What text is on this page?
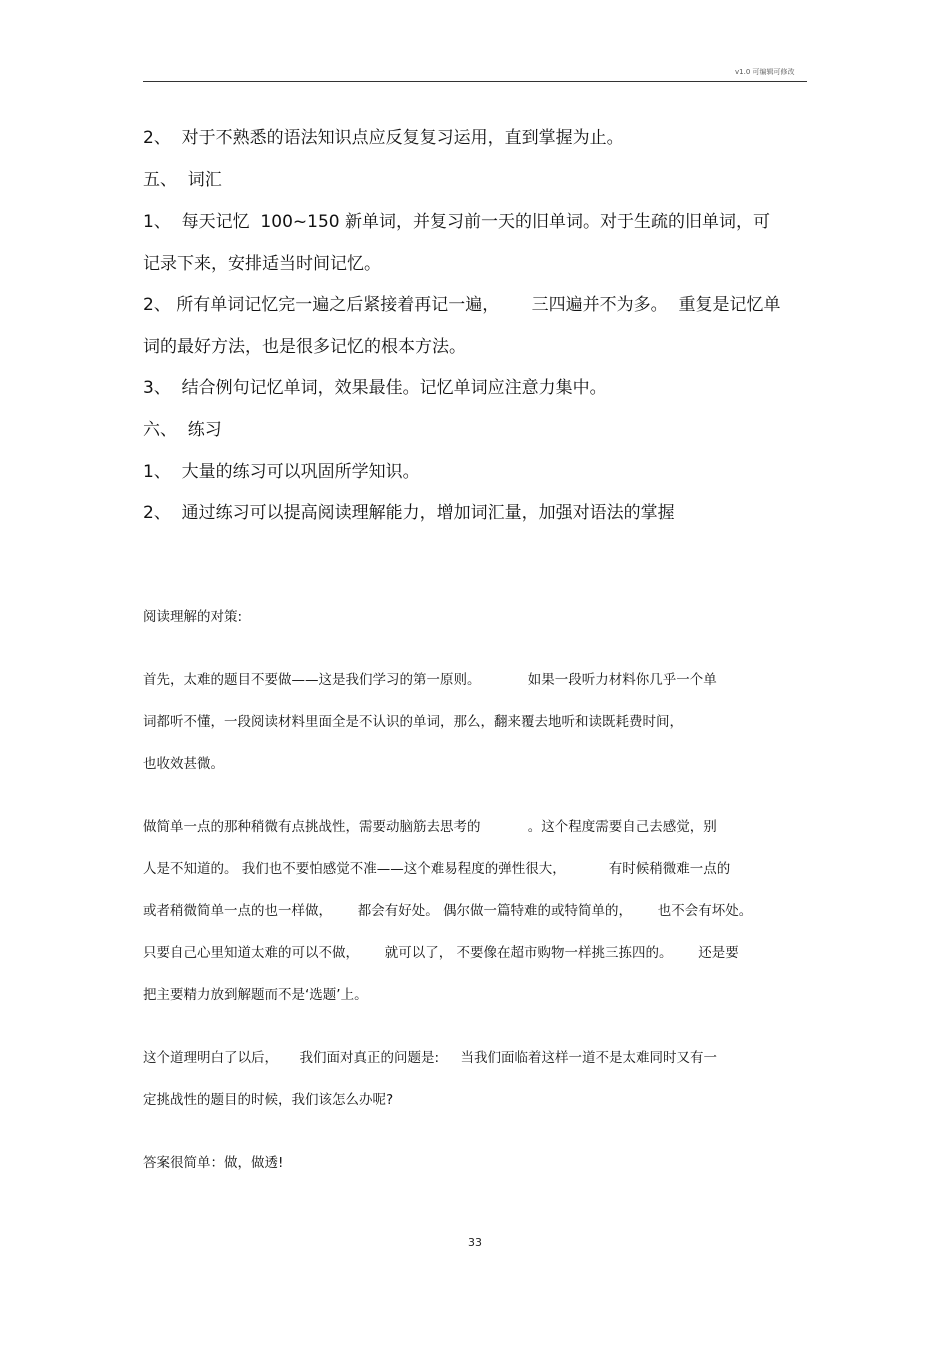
v1.0 可编辑可修改

2、  对于不熟悉的语法知识点应反复复习运用，直到掌握为止。

五、  词汇

1、  每天记忆  100~150 新单词，并复习前一天的旧单词。对于生疏的旧单词，可

记录下来，安排适当时间记忆。

2、 所有单词记忆完一遍之后紧接着再记一遍，      三四遍并不为多。  重复是记忆单

词的最好方法，也是很多记忆的根本方法。

3、  结合例句记忆单词，效果最佳。记忆单词应注意力集中。

六、  练习

1、  大量的练习可以巩固所学知识。

2、  通过练习可以提高阅读理解能力，增加词汇量，加强对语法的掌握

阅读理解的对策:

首先，太难的题目不要做——这是我们学习的第一原则。           如果一段听力材料你几乎一个单

词都听不懂，一段阅读材料里面全是不认识的单词，那么，翻来覆去地听和读既耗费时间，

也收效甚微。

做简单一点的那种稍微有点挑战性，需要动脑筋去思考的           。这个程度需要自己去感觉，别

人是不知道的。 我们也不要怕感觉不准——这个难易程度的弹性很大，          有时候稍微难一点的

或者稍微简单一点的也一样做，      都会有好处。 偶尔做一篇特难的或特简单的，      也不会有坏处。

只要自己心里知道太难的可以不做，      就可以了， 不要像在超市购物一样挑三拣四的。      还是要

把主要精力放到解题而不是‘选题’上。

这个道理明白了以后，     我们面对真正的问题是:     当我们面临着这样一道不是太难同时又有一

定挑战性的题目的时候，我们该怎么办呢?

答案很简单：做，做透!

33
